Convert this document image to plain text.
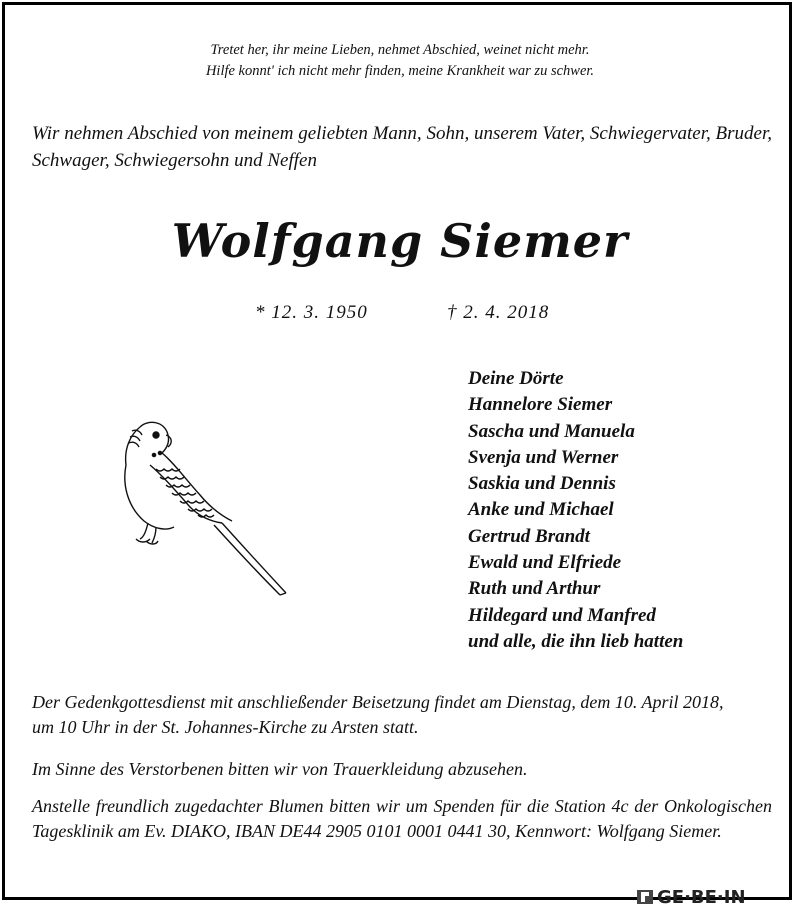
Tretet her, ihr meine Lieben, nehmet Abschied, weinet nicht mehr.
Hilfe konnt' ich nicht mehr finden, meine Krankheit war zu schwer.
Wir nehmen Abschied von meinem geliebten Mann, Sohn, unserem Vater, Schwiegervater, Bruder, Schwager, Schwiegersohn und Neffen
Wolfgang Siemer
* 12. 3. 1950	† 2. 4. 2018
Deine Dörte
Hannelore Siemer
Sascha und Manuela
Svenja und Werner
Saskia und Dennis
Anke und Michael
Gertrud Brandt
Ewald und Elfriede
Ruth und Arthur
Hildegard und Manfred
und alle, die ihn lieb hatten
Der Gedenkgottesdienst mit anschließender Beisetzung findet am Dienstag, dem 10. April 2018,
um 10 Uhr in der St. Johannes-Kirche zu Arsten statt.

Im Sinne des Verstorbenen bitten wir von Trauerkleidung abzusehen.

Anstelle freundlich zugedachter Blumen bitten wir um Spenden für die Station 4c der Onkologischen Tagesklinik am Ev. DIAKO, IBAN DE44 2905 0101 0001 0441 30, Kennwort: Wolfgang Siemer.

GE·BE·IN
